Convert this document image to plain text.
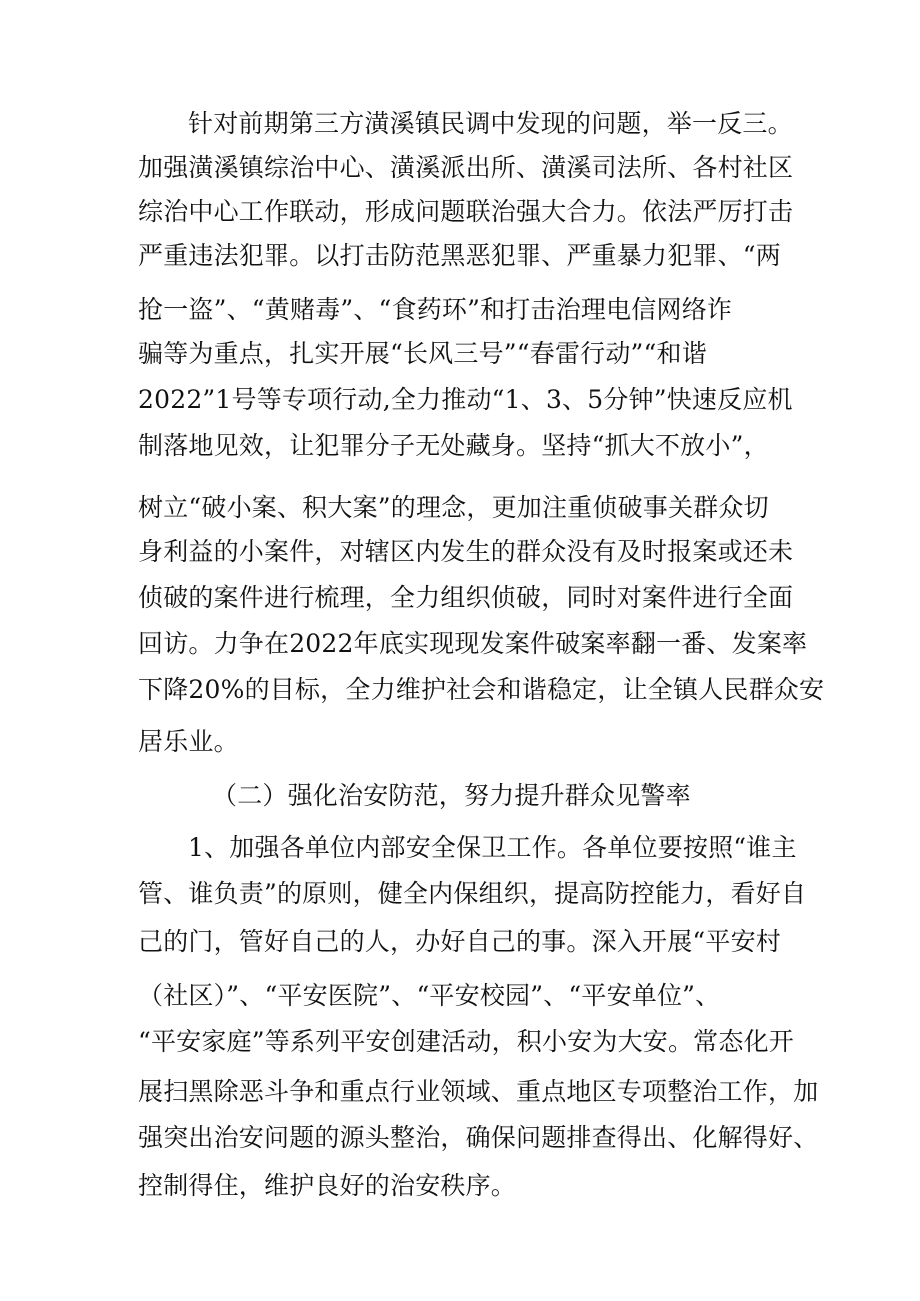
针对前期第三方潢溪镇民调中发现的问题，举一反三。
加强潢溪镇综治中心、潢溪派出所、潢溪司法所、各村社区
综治中心工作联动，形成问题联治强大合力。依法严厉打击
严重违法犯罪。以打击防范黑恶犯罪、严重暴力犯罪、“两
抢一盗”、“黄赌毒”、“食药环”和打击治理电信网络诈
骗等为重点，扎实开展“长风三号”“春雷行动”“和谐
2022”1号等专项行动,全力推动“1、3、5分钟”快速反应机
制落地见效，让犯罪分子无处藏身。坚持“抓大不放小”，
树立“破小案、积大案”的理念，更加注重侦破事关群众切
身利益的小案件，对辖区内发生的群众没有及时报案或还未
侦破的案件进行梳理，全力组织侦破，同时对案件进行全面
回访。力争在2022年底实现现发案件破案率翻一番、发案率
下降20%的目标，全力维护社会和谐稳定，让全镇人民群众安
居乐业。
（二）强化治安防范，努力提升群众见警率
1、加强各单位内部安全保卫工作。各单位要按照“谁主
管、谁负责”的原则，健全内保组织，提高防控能力，看好自
己的门，管好自己的人，办好自己的事。深入开展“平安村
（社区）”、“平安医院”、“平安校园”、“平安单位”、
“平安家庭”等系列平安创建活动，积小安为大安。常态化开
展扫黑除恶斗争和重点行业领域、重点地区专项整治工作，加
强突出治安问题的源头整治，确保问题排查得出、化解得好、
控制得住，维护良好的治安秩序。
